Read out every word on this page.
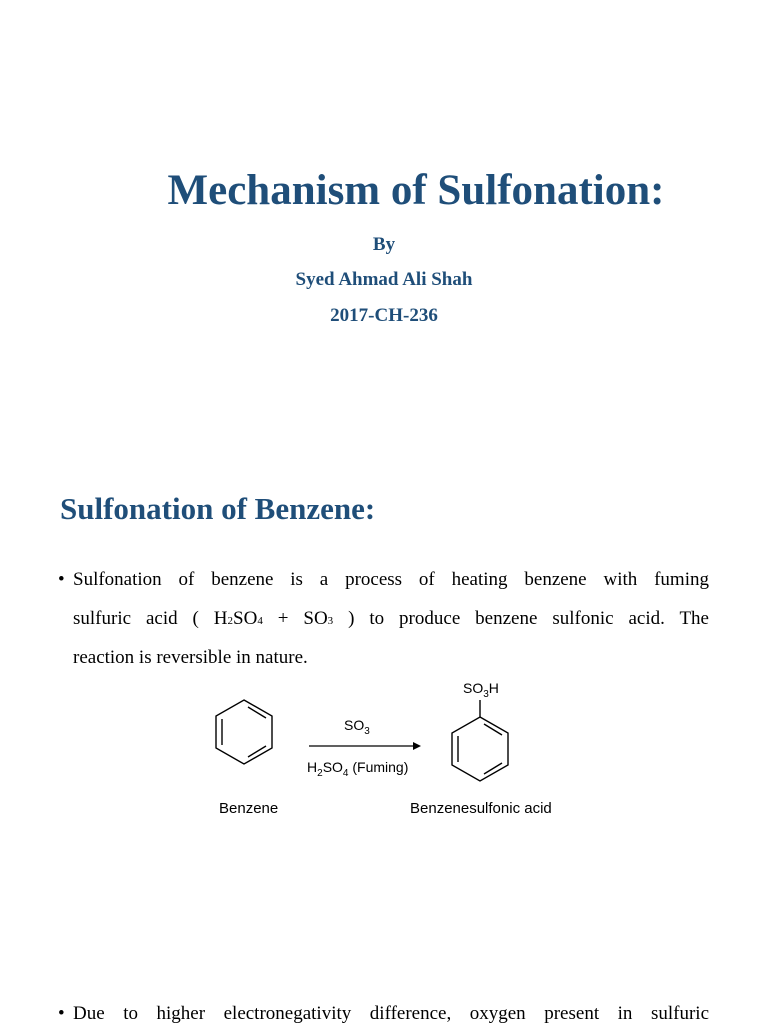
Mechanism of Sulfonation:
By
Syed Ahmad Ali Shah
2017-CH-236
Sulfonation of Benzene:
• Sulfonation of benzene is a process of heating benzene with fuming
sulfuric acid ( H2SO4 + SO3 ) to produce benzene sulfonic acid. The
reaction is reversible in nature.
Benzene
$SO_3$
$H_2SO_4$ (Fuming)
$SO_3H$
Benzenesulfonic acid
• Due to higher electronegativity difference, oxygen present in sulfuric
